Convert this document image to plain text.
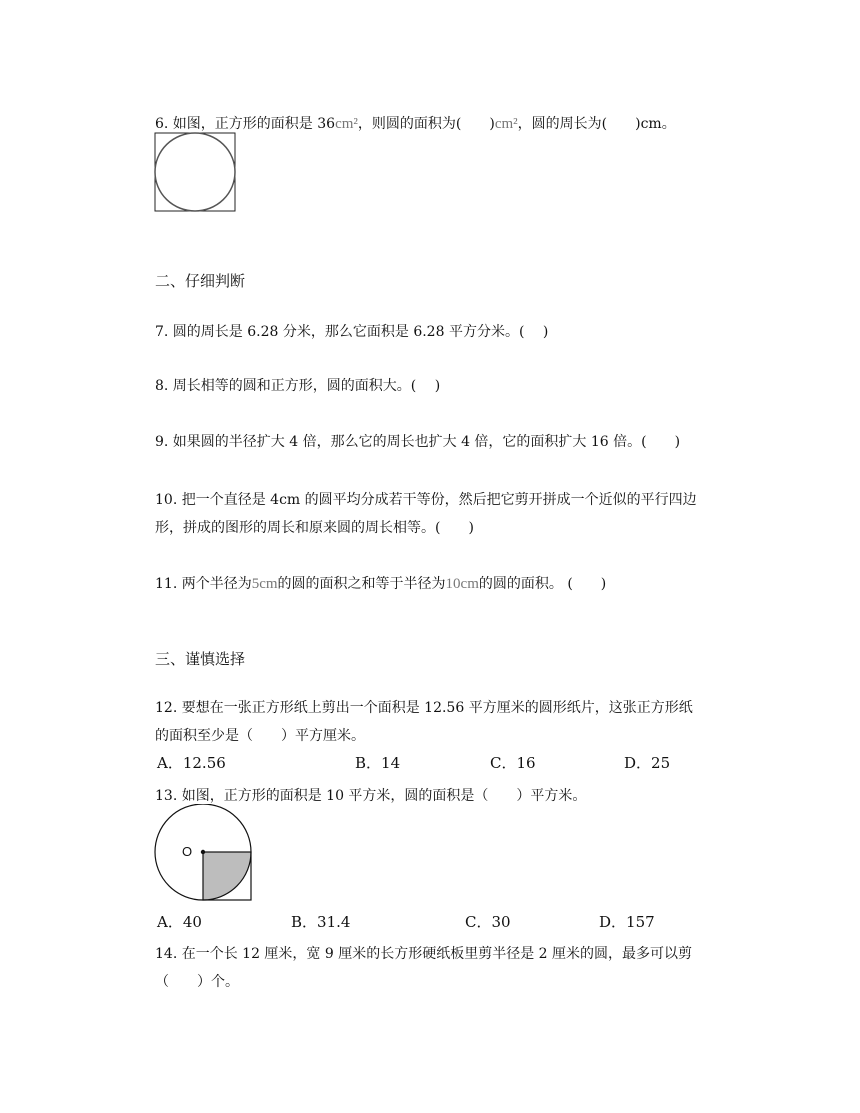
6. 如图，正方形的面积是 36cm²，则圆的面积为(　　)cm²，圆的周长为(　　)cm。
二、仔细判断
7. 圆的周长是 6.28 分米，那么它面积是 6.28 平方分米。(　 )
8. 周长相等的圆和正方形，圆的面积大。(　 )
9. 如果圆的半径扩大 4 倍，那么它的周长也扩大 4 倍，它的面积扩大 16 倍。(　　)
10. 把一个直径是 4cm 的圆平均分成若干等份，然后把它剪开拼成一个近似的平行四边
形，拼成的图形的周长和原来圆的周长相等。(　　)
11. 两个半径为5cm的圆的面积之和等于半径为10cm的圆的面积。 (　　)
三、谨慎选择
12. 要想在一张正方形纸上剪出一个面积是 12.56 平方厘米的圆形纸片，这张正方形纸
的面积至少是（　　）平方厘米。
A．12.56	B．14	C．16	D．25
13. 如图，正方形的面积是 10 平方米，圆的面积是（　　）平方米。
O
A．40	B．31.4	C．30	D．157
14. 在一个长 12 厘米，宽 9 厘米的长方形硬纸板里剪半径是 2 厘米的圆，最多可以剪
（　　）个。
